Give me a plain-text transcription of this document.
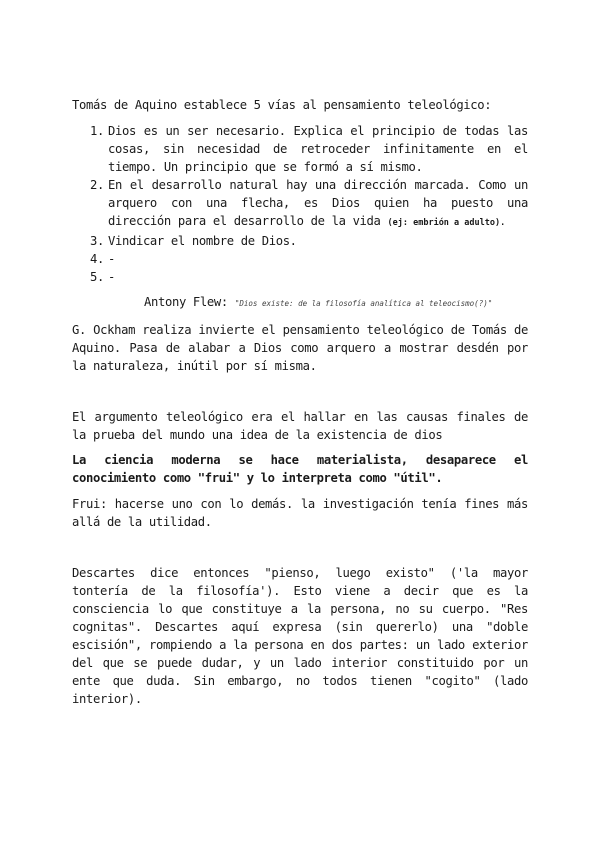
Tomás de Aquino establece 5 vías al pensamiento teleológico:

1. Dios es un ser necesario. Explica el principio de todas las cosas, sin necesidad de retroceder infinitamente en el tiempo. Un principio que se formó a sí mismo.
2. En el desarrollo natural hay una dirección marcada. Como un arquero con una flecha, es Dios quien ha puesto una dirección para el desarrollo de la vida (ej: embrión a adulto).
3. Vindicar el nombre de Dios.
4. -
5. -
Antony Flew: "Dios existe: de la filosofía analítica al teleocismo(?)"

G. Ockham realiza invierte el pensamiento teleológico de Tomás de Aquino. Pasa de alabar a Dios como arquero a mostrar desdén por la naturaleza, inútil por sí misma.

El argumento teleológico era el hallar en las causas finales de la prueba del mundo una idea de la existencia de dios

La ciencia moderna se hace materialista, desaparece el conocimiento como "frui" y lo interpreta como "útil".

Frui: hacerse uno con lo demás. la investigación tenía fines más allá de la utilidad.

Descartes dice entonces "pienso, luego existo" ('la mayor tontería de la filosofía'). Esto viene a decir que es la consciencia lo que constituye a la persona, no su cuerpo. "Res cognitas". Descartes aquí expresa (sin quererlo) una "doble escisión", rompiendo a la persona en dos partes: un lado exterior del que se puede dudar, y un lado interior constituido por un ente que duda. Sin embargo, no todos tienen "cogito" (lado interior).
